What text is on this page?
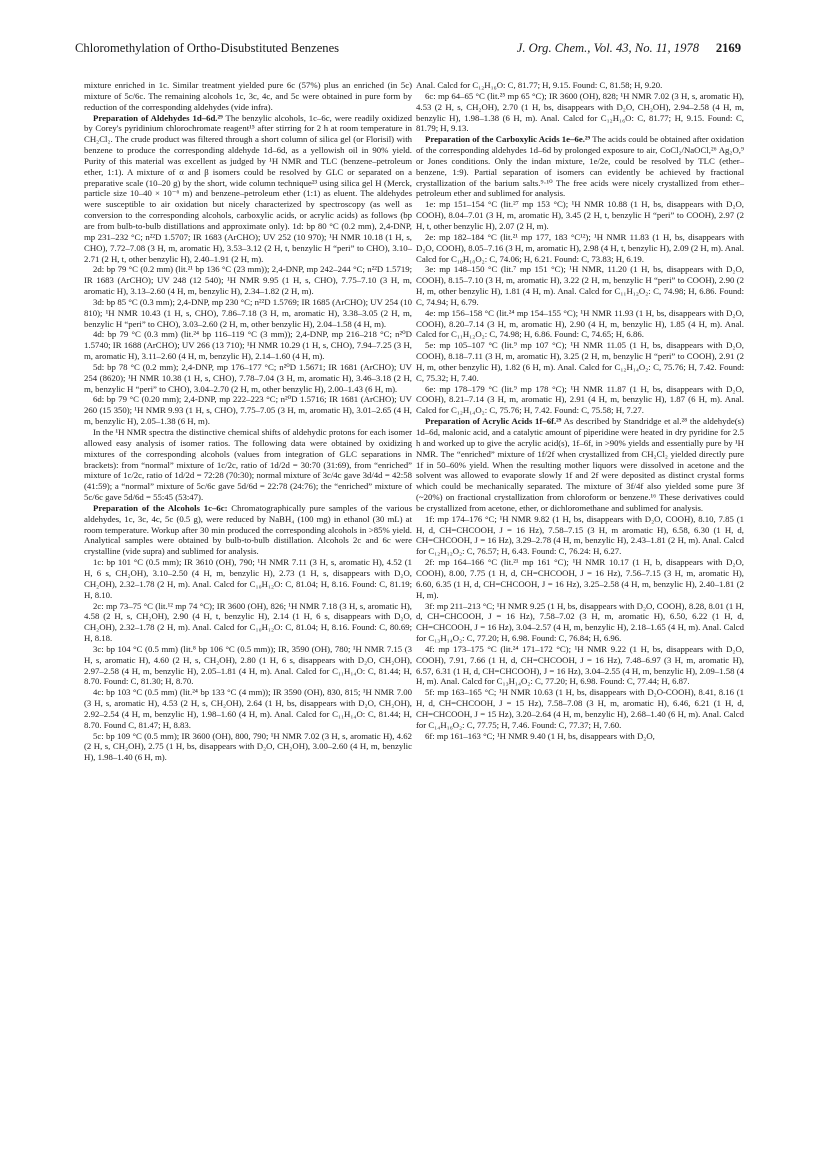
Chloromethylation of Ortho-Disubstituted Benzenes	J. Org. Chem., Vol. 43, No. 11, 1978 2169

mixture enriched in 1c. Similar treatment yielded pure 6c (57%) plus an enriched (in 5c) mixture of 5c/6c. The remaining alcohols 1c, 3c, 4c, and 5c were obtained in pure form by reduction of the corresponding aldehydes (vide infra).

Preparation of Aldehydes 1d–6d.²⁹ The benzylic alcohols, 1c–6c, were readily oxidized by Corey's pyridinium chlorochromate reagent¹⁵ after stirring for 2 h at room temperature in CH₂Cl₂. The crude product was filtered through a short column of silica gel (or Florisil) with benzene to produce the corresponding aldehyde 1d–6d, as a yellowish oil in 90% yield. Purity of this material was excellent as judged by ¹H NMR and TLC (benzene–petroleum ether, 1:1). A mixture of α and β isomers could be resolved by GLC or separated on a preparative scale (10–20 g) by the short, wide column technique²³ using silica gel H (Merck, particle size 10–40 × 10⁻⁶ m) and benzene–petroleum ether (1:1) as eluent. The aldehydes were susceptible to air oxidation but nicely characterized by spectroscopy (as well as conversion to the corresponding alcohols, carboxylic acids, or acrylic acids) as follows (bp are from bulb-to-bulb distillations and approximate only). 1d: bp 80 °C (0.2 mm), 2,4-DNP, mp 231–232 °C; n²²D 1.5707; IR 1683 (ArCHO); UV 252 (10 970); ¹H NMR 10.18 (1 H, s, CHO), 7.72–7.08 (3 H, m, aromatic H), 3.53–3.12 (2 H, t, benzylic H “peri” to CHO), 3.10–2.71 (2 H, t, other benzylic H), 2.40–1.91 (2 H, m).

2d: bp 79 °C (0.2 mm) (lit.²¹ bp 136 °C (23 mm)); 2,4-DNP, mp 242–244 °C; n²²D 1.5719; IR 1683 (ArCHO); UV 248 (12 540); ¹H NMR 9.95 (1 H, s, CHO), 7.75–7.10 (3 H, m, aromatic H), 3.13–2.60 (4 H, m, benzylic H), 2.34–1.82 (2 H, m).

3d: bp 85 °C (0.3 mm); 2,4-DNP, mp 230 °C; n²²D 1.5769; IR 1685 (ArCHO); UV 254 (10 810); ¹H NMR 10.43 (1 H, s, CHO), 7.86–7.18 (3 H, m, aromatic H), 3.38–3.05 (2 H, m, benzylic H “peri” to CHO), 3.03–2.60 (2 H, m, other benzylic H), 2.04–1.58 (4 H, m).

4d: bp 79 °C (0.3 mm) (lit.²⁴ bp 116–119 °C (3 mm)); 2,4-DNP, mp 216–218 °C; n²⁰D 1.5740; IR 1688 (ArCHO); UV 266 (13 710); ¹H NMR 10.29 (1 H, s, CHO), 7.94–7.25 (3 H, m, aromatic H), 3.11–2.60 (4 H, m, benzylic H), 2.14–1.60 (4 H, m).

5d: bp 78 °C (0.2 mm); 2,4-DNP, mp 176–177 °C; n²⁰D 1.5671; IR 1681 (ArCHO); UV 254 (8620); ¹H NMR 10.38 (1 H, s, CHO), 7.78–7.04 (3 H, m, aromatic H), 3.46–3.18 (2 H, m, benzylic H “peri” to CHO), 3.04–2.70 (2 H, m, other benzylic H), 2.00–1.43 (6 H, m).

6d: bp 79 °C (0.20 mm); 2,4-DNP, mp 222–223 °C; n²⁰D 1.5716; IR 1681 (ArCHO); UV 260 (15 350); ¹H NMR 9.93 (1 H, s, CHO), 7.75–7.05 (3 H, m, aromatic H), 3.01–2.65 (4 H, m, benzylic H), 2.05–1.38 (6 H, m).

In the ¹H NMR spectra the distinctive chemical shifts of aldehydic protons for each isomer allowed easy analysis of isomer ratios. The following data were obtained by oxidizing mixtures of the corresponding alcohols (values from integration of GLC separations in brackets): from “normal” mixture of 1c/2c, ratio of 1d/2d = 30:70 (31:69), from “enriched” mixture of 1c/2c, ratio of 1d/2d = 72:28 (70:30); normal mixture of 3c/4c gave 3d/4d = 42:58 (41:59); a “normal” mixture of 5c/6c gave 5d/6d = 22:78 (24:76); the “enriched” mixture of 5c/6c gave 5d/6d = 55:45 (53:47).

Preparation of the Alcohols 1c–6c: Chromatographically pure samples of the various aldehydes, 1c, 3c, 4c, 5c (0.5 g), were reduced by NaBH₄ (100 mg) in ethanol (30 mL) at room temperature. Workup after 30 min produced the corresponding alcohols in >85% yield. Analytical samples were obtained by bulb-to-bulb distillation. Alcohols 2c and 6c were crystalline (vide supra) and sublimed for analysis.

1c: bp 101 °C (0.5 mm); IR 3610 (OH), 790; ¹H NMR 7.11 (3 H, s, aromatic H), 4.52 (1 H, 6 s, CH₂OH), 3.10–2.50 (4 H, m, benzylic H), 2.73 (1 H, s, disappears with D₂O, CH₂OH), 2.32–1.78 (2 H, m). Anal. Calcd for C₁₀H₁₂O: C, 81.04; H, 8.16. Found: C, 81.19; H, 8.10.

2c: mp 73–75 °C (lit.¹² mp 74 °C); IR 3600 (OH), 826; ¹H NMR 7.18 (3 H, s, aromatic H), 4.58 (2 H, s, CH₂OH), 2.90 (4 H, t, benzylic H), 2.14 (1 H, 6 s, disappears with D₂O, CH₂OH), 2.32–1.78 (2 H, m). Anal. Calcd for C₁₀H₁₂O: C, 81.04; H, 8.16. Found: C, 80.69; H, 8.18.

3c: bp 104 °C (0.5 mm) (lit.⁸ bp 106 °C (0.5 mm)); IR, 3590 (OH), 780; ¹H NMR 7.15 (3 H, s, aromatic H), 4.60 (2 H, s, CH₂OH), 2.80 (1 H, 6 s, disappears with D₂O, CH₂OH), 2.97–2.58 (4 H, m, benzylic H), 2.05–1.81 (4 H, m). Anal. Calcd for C₁₁H₁₄O: C, 81.44; H, 8.70. Found: C, 81.30; H, 8.70.

4c: bp 103 °C (0.5 mm) (lit.²⁴ bp 133 °C (4 mm)); IR 3590 (OH), 830, 815; ¹H NMR 7.00 (3 H, s, aromatic H), 4.53 (2 H, s, CH₂OH), 2.64 (1 H, bs, disappears with D₂O, CH₂OH), 2.92–2.54 (4 H, m, benzylic H), 1.98–1.60 (4 H, m). Anal. Calcd for C₁₁H₁₄O: C, 81.44; H, 8.70. Found C, 81.47; H, 8.83.

5c: bp 109 °C (0.5 mm); IR 3600 (OH), 800, 790; ¹H NMR 7.02 (3 H, s, aromatic H), 4.62 (2 H, s, CH₂OH), 2.75 (1 H, bs, disappears with D₂O, CH₂OH), 3.00–2.60 (4 H, m, benzylic H), 1.98–1.40 (6 H, m).

Anal. Calcd for C₁₂H₁₆O: C, 81.77; H, 9.15. Found: C, 81.58; H, 9.20.

6c: mp 64–65 °C (lit.²⁵ mp 65 °C); IR 3600 (OH), 828; ¹H NMR 7.02 (3 H, s, aromatic H), 4.53 (2 H, s, CH₂OH), 2.70 (1 H, bs, disappears with D₂O, CH₂OH), 2.94–2.58 (4 H, m, benzylic H), 1.98–1.38 (6 H, m). Anal. Calcd for C₁₂H₁₆O: C, 81.77; H, 9.15. Found: C, 81.79; H, 9.13.

Preparation of the Carboxylic Acids 1e–6e.²⁹ The acids could be obtained after oxidation of the corresponding aldehydes 1d–6d by prolonged exposure to air, CoCl₂/NaOCl,²⁶ Ag₂O,⁹ or Jones conditions. Only the indan mixture, 1e/2e, could be resolved by TLC (ether–benzene, 1:9). Partial separation of isomers can evidently be achieved by fractional crystallization of the barium salts.⁹·¹⁰ The free acids were nicely crystallized from ether–petroleum ether and sublimed for analysis.

1e: mp 151–154 °C (lit.²⁷ mp 153 °C); ¹H NMR 10.88 (1 H, bs, disappears with D₂O, COOH), 8.04–7.01 (3 H, m, aromatic H), 3.45 (2 H, t, benzylic H “peri” to COOH), 2.97 (2 H, t, other benzylic H), 2.07 (2 H, m).

2e: mp 182–184 °C (lit.²¹ mp 177, 183 °C¹²); ¹H NMR 11.83 (1 H, bs, disappears with D₂O, COOH), 8.05–7.16 (3 H, m, aromatic H), 2.98 (4 H, t, benzylic H), 2.09 (2 H, m). Anal. Calcd for C₁₀H₁₀O₂: C, 74.06; H, 6.21. Found: C, 73.83; H, 6.19.

3e: mp 148–150 °C (lit.⁷ mp 151 °C); ¹H NMR, 11.20 (1 H, bs, disappears with D₂O, COOH), 8.15–7.10 (3 H, m, aromatic H), 3.22 (2 H, m, benzylic H “peri” to COOH), 2.90 (2 H, m, other benzylic H), 1.81 (4 H, m). Anal. Calcd for C₁₁H₁₂O₂: C, 74.98; H, 6.86. Found: C, 74.94; H, 6.79.

4e: mp 156–158 °C (lit.²⁴ mp 154–155 °C); ¹H NMR 11.93 (1 H, bs, disappears with D₂O, COOH), 8.20–7.14 (3 H, m, aromatic H), 2.90 (4 H, m, benzylic H), 1.85 (4 H, m). Anal. Calcd for C₁₁H₁₂O₂: C, 74.98; H, 6.86. Found: C, 74.65; H, 6.86.

5e: mp 105–107 °C (lit.⁹ mp 107 °C); ¹H NMR 11.05 (1 H, bs, disappears with D₂O, COOH), 8.18–7.11 (3 H, m, aromatic H), 3.25 (2 H, m, benzylic H “peri” to COOH), 2.91 (2 H, m, other benzylic H), 1.82 (6 H, m). Anal. Calcd for C₁₂H₁₄O₂: C, 75.76; H, 7.42. Found: C, 75.32; H, 7.40.

6e: mp 178–179 °C (lit.⁹ mp 178 °C); ¹H NMR 11.87 (1 H, bs, disappears with D₂O, COOH), 8.21–7.14 (3 H, m, aromatic H), 2.91 (4 H, m, benzylic H), 1.87 (6 H, m). Anal. Calcd for C₁₂H₁₄O₂: C, 75.76; H, 7.42. Found: C, 75.58; H, 7.27.

Preparation of Acrylic Acids 1f–6f.²⁹ As described by Standridge et al.²⁸ the aldehyde(s) 1d–6d, malonic acid, and a catalytic amount of piperidine were heated in dry pyridine for 2.5 h and worked up to give the acrylic acid(s), 1f–6f, in >90% yields and essentially pure by ¹H NMR. The “enriched” mixture of 1f/2f when crystallized from CH₂Cl₂ yielded directly pure 1f in 50–60% yield. When the resulting mother liquors were dissolved in acetone and the solvent was allowed to evaporate slowly 1f and 2f were deposited as distinct crystal forms which could be mechanically separated. The mixture of 3f/4f also yielded some pure 3f (~20%) on fractional crystallization from chloroform or benzene.¹⁶ These derivatives could be crystallized from acetone, ether, or dichloromethane and sublimed for analysis.

1f: mp 174–176 °C; ¹H NMR 9.82 (1 H, bs, disappears with D₂O, COOH), 8.10, 7.85 (1 H, d, CH=CHCOOH, J = 16 Hz), 7.58–7.15 (3 H, m aromatic H), 6.58, 6.30 (1 H, d, CH=CHCOOH, J = 16 Hz), 3.29–2.78 (4 H, m, benzylic H), 2.43–1.81 (2 H, m). Anal. Calcd for C₁₂H₁₂O₂: C, 76.57; H, 6.43. Found: C, 76.24: H, 6.27.

2f: mp 164–166 °C (lit.²¹ mp 161 °C); ¹H NMR 10.17 (1 H, b, disappears with D₂O, COOH), 8.00, 7.75 (1 H, d, CH=CHCOOH, J = 16 Hz), 7.56–7.15 (3 H, m, aromatic H), 6.60, 6.35 (1 H, d, CH=CHCOOH, J = 16 Hz), 3.25–2.58 (4 H, m, benzylic H), 2.40–1.81 (2 H, m).

3f: mp 211–213 °C; ¹H NMR 9.25 (1 H, bs, disappears with D₂O, COOH), 8.28, 8.01 (1 H, d, CH=CHCOOH, J = 16 Hz), 7.58–7.02 (3 H, m, aromatic H), 6.50, 6.22 (1 H, d, CH=CHCOOH, J = 16 Hz), 3.04–2.57 (4 H, m, benzylic H), 2.18–1.65 (4 H, m). Anal. Calcd for C₁₃H₁₄O₂: C, 77.20; H, 6.98. Found: C, 76.84; H, 6.96.

4f: mp 173–175 °C (lit.²⁴ 171–172 °C); ¹H NMR 9.22 (1 H, bs, disappears with D₂O, COOH), 7.91, 7.66 (1 H, d, CH=CHCOOH, J = 16 Hz), 7.48–6.97 (3 H, m, aromatic H), 6.57, 6.31 (1 H, d, CH=CHCOOH), J = 16 Hz), 3.04–2.55 (4 H, m, benzylic H), 2.09–1.58 (4 H, m). Anal. Calcd for C₁₃H₁₄O₂: C, 77.20; H, 6.98. Found: C, 77.44; H, 6.87.

5f: mp 163–165 °C; ¹H NMR 10.63 (1 H, bs, disappears with D₂O-COOH), 8.41, 8.16 (1 H, d, CH=CHCOOH, J = 15 Hz), 7.58–7.08 (3 H, m, aromatic H), 6.46, 6.21 (1 H, d, CH=CHCOOH, J = 15 Hz), 3.20–2.64 (4 H, m, benzylic H), 2.68–1.40 (6 H, m). Anal. Calcd for C₁₄H₁₆O₂: C, 77.75; H, 7.46. Found: C, 77.37; H, 7.60.

6f: mp 161–163 °C; ¹H NMR 9.40 (1 H, bs, disappears with D₂O,
